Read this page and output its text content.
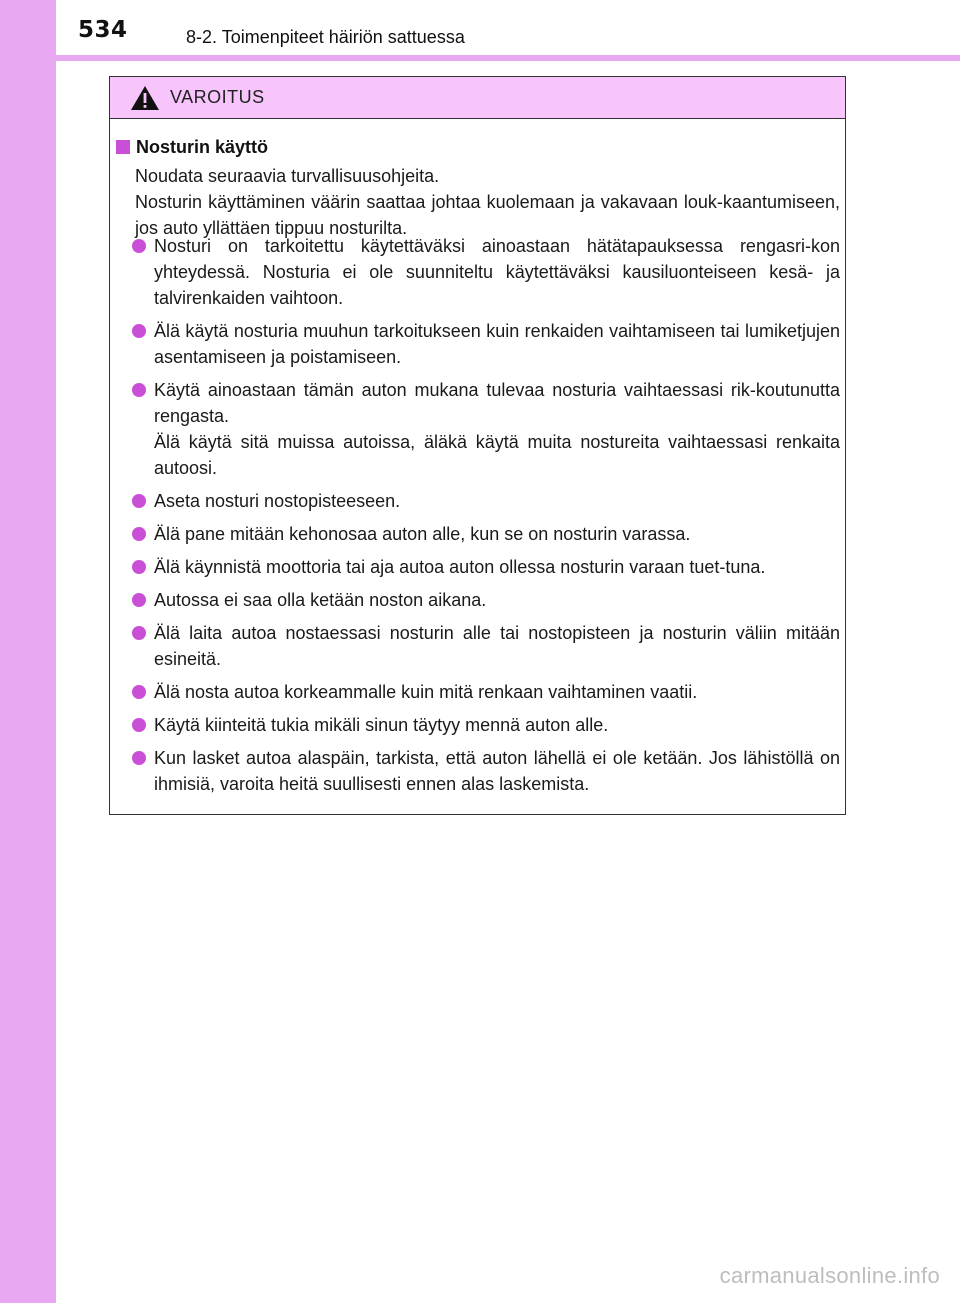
534	8-2. Toimenpiteet häiriön sattuessa
VAROITUS
Nosturin käyttö
Noudata seuraavia turvallisuusohjeita.
Nosturin käyttäminen väärin saattaa johtaa kuolemaan ja vakavaan louk-kaantumiseen, jos auto yllättäen tippuu nosturilta.

Nosturi on tarkoitettu käytettäväksi ainoastaan hätätapauksessa rengasri-kon yhteydessä. Nosturia ei ole suunniteltu käytettäväksi kausiluonteiseen kesä- ja talvirenkaiden vaihtoon.

Älä käytä nosturia muuhun tarkoitukseen kuin renkaiden vaihtamiseen tai lumiketjujen asentamiseen ja poistamiseen.

Käytä ainoastaan tämän auton mukana tulevaa nosturia vaihtaessasi rik-koutunutta rengasta.

Älä käytä sitä muissa autoissa, äläkä käytä muita nostureita vaihtaessasi renkaita autoosi.

Aseta nosturi nostopisteeseen.

Älä pane mitään kehonosaa auton alle, kun se on nosturin varassa.

Älä käynnistä moottoria tai aja autoa auton ollessa nosturin varaan tuet-tuna.

Autossa ei saa olla ketään noston aikana.

Älä laita autoa nostaessasi nosturin alle tai nostopisteen ja nosturin väliin mitään esineitä.

Älä nosta autoa korkeammalle kuin mitä renkaan vaihtaminen vaatii.

Käytä kiinteitä tukia mikäli sinun täytyy mennä auton alle.

Kun lasket autoa alaspäin, tarkista, että auton lähellä ei ole ketään. Jos lähistöllä on ihmisiä, varoita heitä suullisesti ennen alas laskemista.

carmanualsonline.info
